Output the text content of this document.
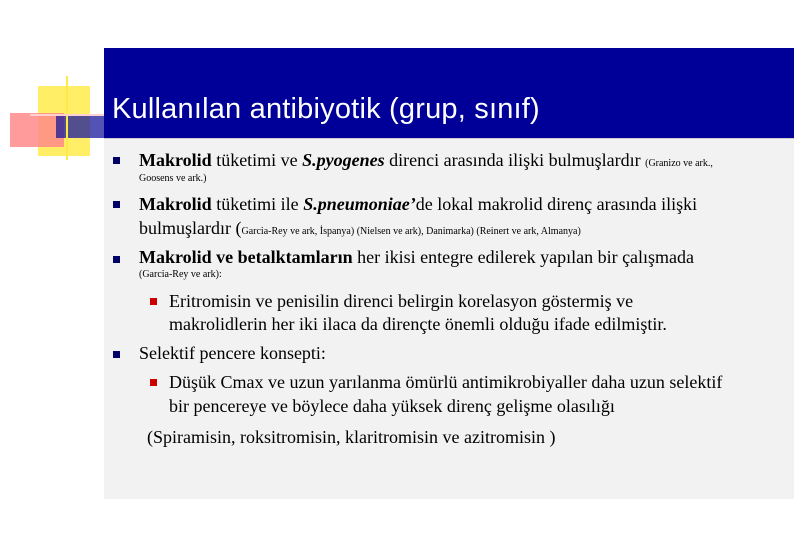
Kullanılan antibiyotik (grup, sınıf)
Makrolid tüketimi ve S.pyogenes direnci arasında ilişki bulmuşlardır (Granizo ve ark.,
Goosens ve ark.)
Makrolid tüketimi ile S.pneumoniae’de lokal makrolid direnç arasında ilişki
bulmuşlardır (Garcia-Rey ve ark, İspanya) (Nielsen ve ark), Danimarka) (Reinert ve ark, Almanya)
Makrolid ve betalktamların her ikisi entegre edilerek yapılan bir çalışmada
(Garcia-Rey ve ark):
Eritromisin ve penisilin direnci belirgin korelasyon göstermiş ve
makrolidlerin her iki ilaca da dirençte önemli olduğu ifade edilmiştir.
Selektif pencere konsepti:
Düşük Cmax ve uzun yarılanma ömürlü antimikrobiyaller daha uzun selektif
bir pencereye ve böylece daha yüksek direnç gelişme olasılığı
(Spiramisin, roksitromisin, klaritromisin ve azitromisin )
